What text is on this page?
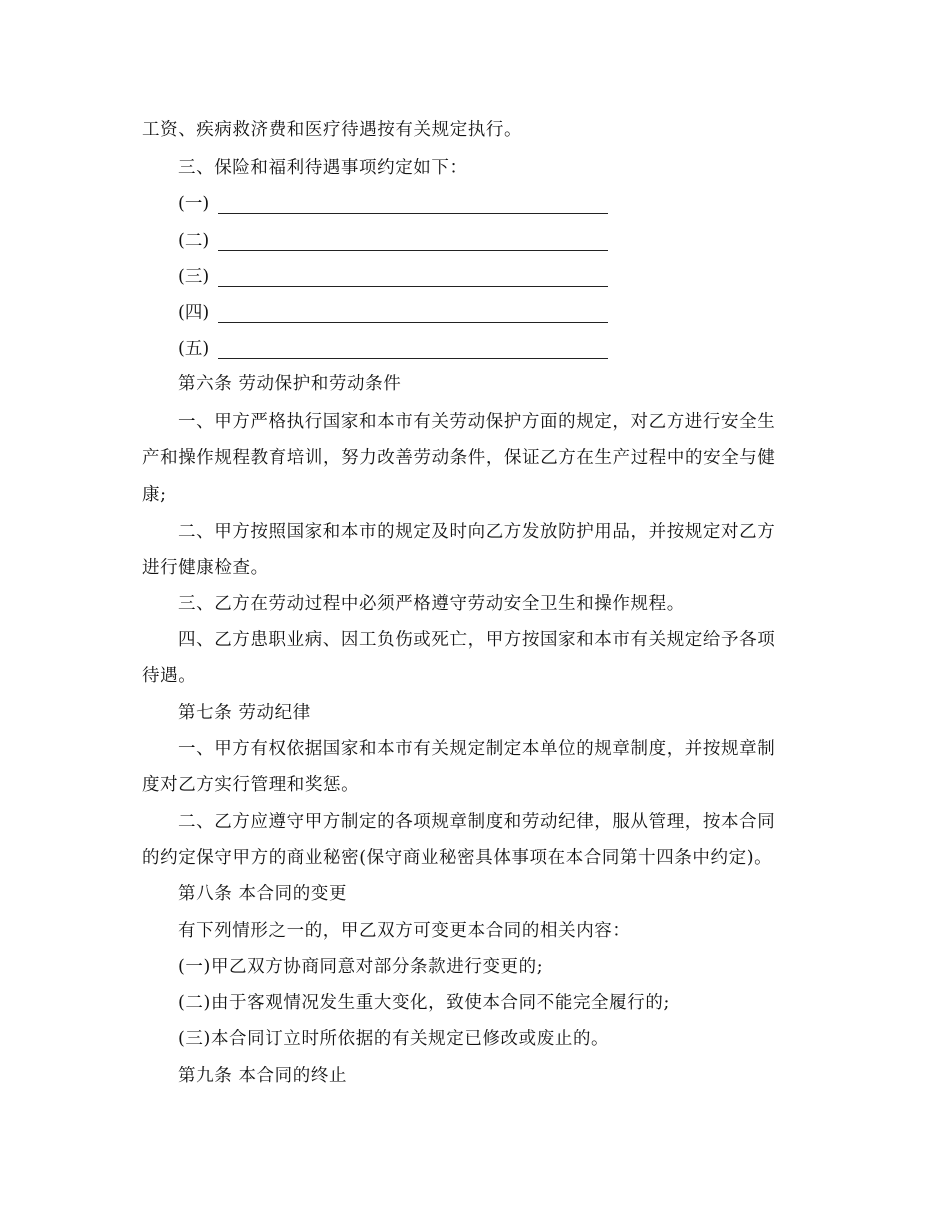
工资、疾病救济费和医疗待遇按有关规定执行。
三、保险和福利待遇事项约定如下：
(一)
(二)
(三)
(四)
(五)
第六条 劳动保护和劳动条件
一、甲方严格执行国家和本市有关劳动保护方面的规定，对乙方进行安全生
产和操作规程教育培训，努力改善劳动条件，保证乙方在生产过程中的安全与健
康;
二、甲方按照国家和本市的规定及时向乙方发放防护用品，并按规定对乙方
进行健康检查。
三、乙方在劳动过程中必须严格遵守劳动安全卫生和操作规程。
四、乙方患职业病、因工负伤或死亡，甲方按国家和本市有关规定给予各项
待遇。
第七条 劳动纪律
一、甲方有权依据国家和本市有关规定制定本单位的规章制度，并按规章制
度对乙方实行管理和奖惩。
二、乙方应遵守甲方制定的各项规章制度和劳动纪律，服从管理，按本合同
的约定保守甲方的商业秘密(保守商业秘密具体事项在本合同第十四条中约定)。
第八条 本合同的变更
有下列情形之一的，甲乙双方可变更本合同的相关内容：
(一)甲乙双方协商同意对部分条款进行变更的;
(二)由于客观情况发生重大变化，致使本合同不能完全履行的;
(三)本合同订立时所依据的有关规定已修改或废止的。
第九条 本合同的终止
